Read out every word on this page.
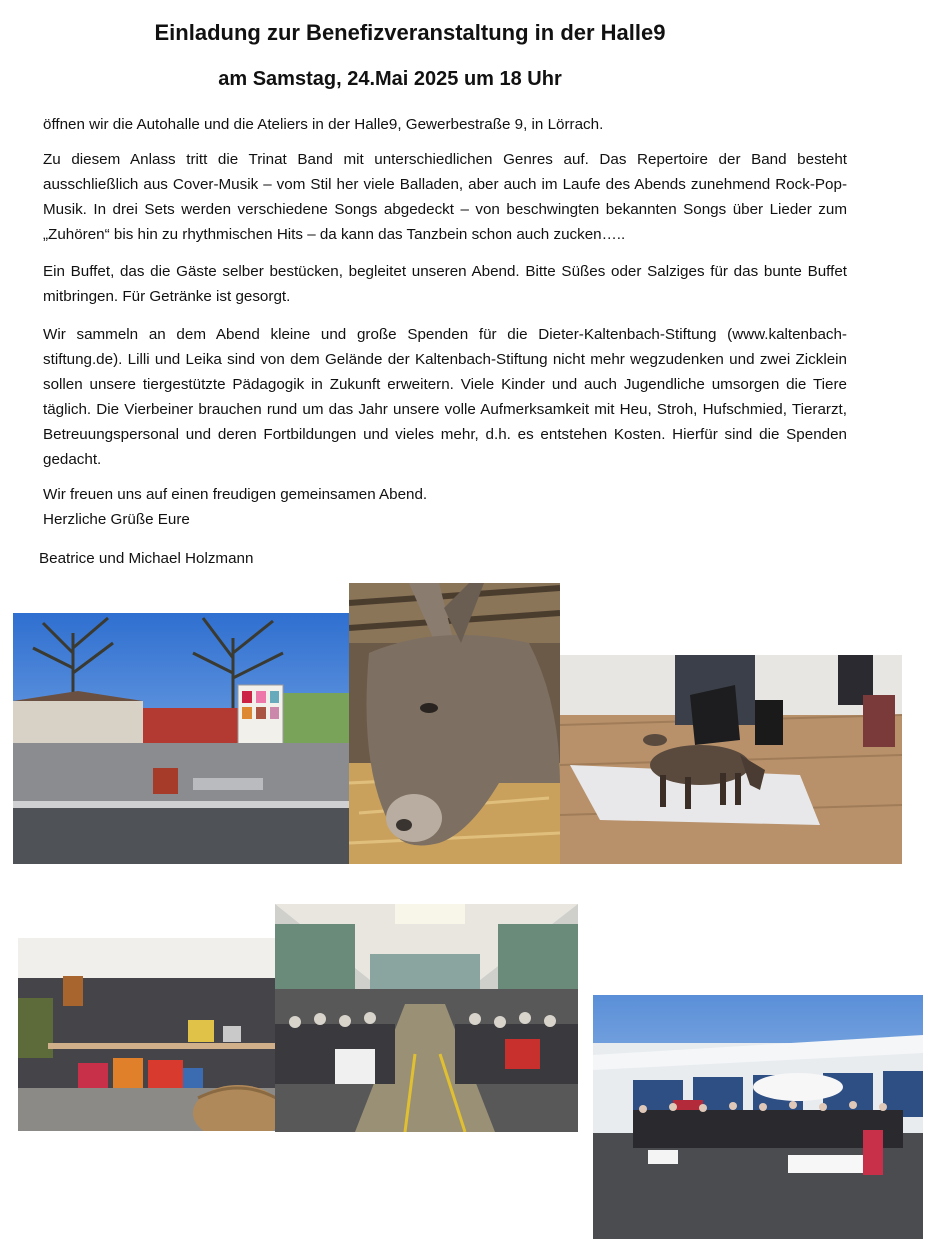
Einladung zur Benefizveranstaltung in der Halle9
am Samstag, 24.Mai 2025 um 18 Uhr

öffnen wir die Autohalle und die Ateliers in der Halle9, Gewerbestraße 9, in Lörrach.

Zu diesem Anlass tritt die Trinat Band mit unterschiedlichen Genres auf. Das Repertoire der Band besteht ausschließlich aus Cover-Musik – vom Stil her viele Balladen, aber auch im Laufe des Abends zunehmend Rock-Pop-Musik. In drei Sets werden verschiedene Songs abgedeckt – von beschwingten bekannten Songs über Lieder zum „Zuhören“ bis hin zu rhythmischen Hits – da kann das Tanzbein schon auch zucken…..

Ein Buffet, das die Gäste selber bestücken, begleitet unseren Abend. Bitte Süßes oder Salziges für das bunte Buffet mitbringen. Für Getränke ist gesorgt.

Wir sammeln an dem Abend kleine und große Spenden für die Dieter-Kaltenbach-Stiftung (www.kaltenbach-stiftung.de). Lilli und Leika sind von dem Gelände der Kaltenbach-Stiftung nicht mehr wegzudenken und zwei Zicklein sollen unsere tiergestützte Pädagogik in Zukunft erweitern. Viele Kinder und auch Jugendliche umsorgen die Tiere täglich. Die Vierbeiner brauchen rund um das Jahr unsere volle Aufmerksamkeit mit Heu, Stroh, Hufschmied, Tierarzt, Betreuungspersonal und deren Fortbildungen und vieles mehr, d.h. es entstehen Kosten. Hierfür sind die Spenden gedacht.

Wir freuen uns auf einen freudigen gemeinsamen Abend.
Herzliche Grüße Eure
Beatrice und Michael Holzmann
